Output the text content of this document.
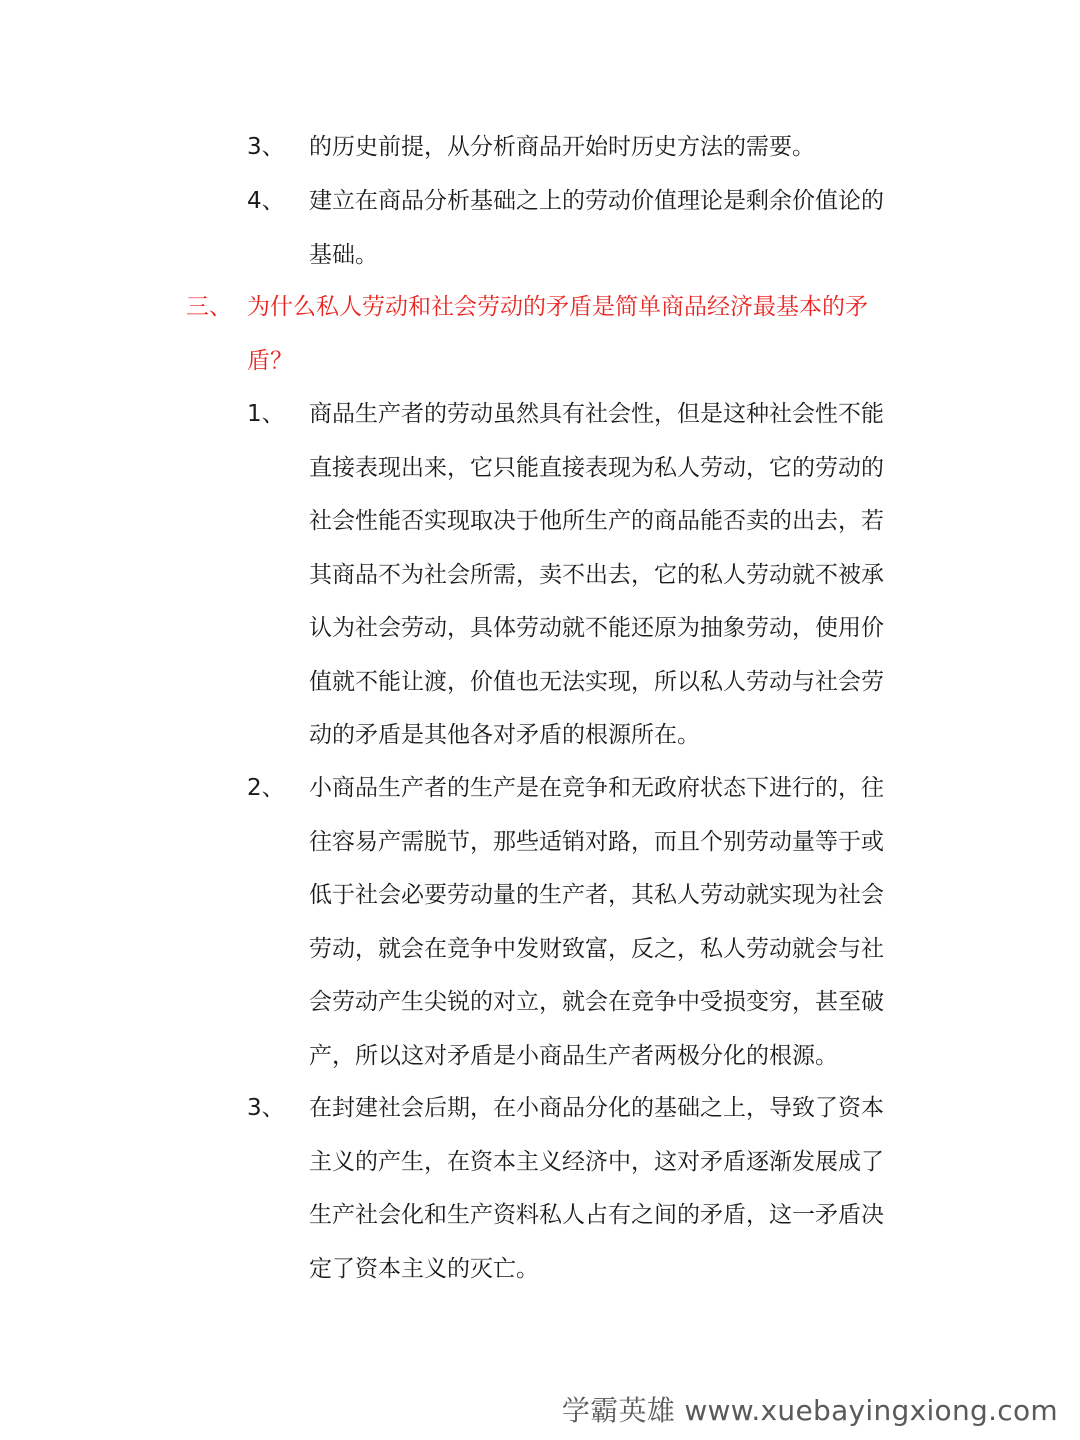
3、 的历史前提，从分析商品开始时历史方法的需要。
4、 建立在商品分析基础之上的劳动价值理论是剩余价值论的基础。
三、 为什么私人劳动和社会劳动的矛盾是简单商品经济最基本的矛盾？
1、 商品生产者的劳动虽然具有社会性，但是这种社会性不能直接表现出来，它只能直接表现为私人劳动，它的劳动的社会性能否实现取决于他所生产的商品能否卖的出去，若其商品不为社会所需，卖不出去，它的私人劳动就不被承认为社会劳动，具体劳动就不能还原为抽象劳动，使用价值就不能让渡，价值也无法实现，所以私人劳动与社会劳动的矛盾是其他各对矛盾的根源所在。
2、 小商品生产者的生产是在竞争和无政府状态下进行的，往往容易产需脱节，那些适销对路，而且个别劳动量等于或低于社会必要劳动量的生产者，其私人劳动就实现为社会劳动，就会在竞争中发财致富，反之，私人劳动就会与社会劳动产生尖锐的对立，就会在竞争中受损变穷，甚至破产，所以这对矛盾是小商品生产者两极分化的根源。
3、 在封建社会后期，在小商品分化的基础之上，导致了资本主义的产生，在资本主义经济中，这对矛盾逐渐发展成了生产社会化和生产资料私人占有之间的矛盾，这一矛盾决定了资本主义的灭亡。
学霸英雄 www.xuebayingxiong.com
